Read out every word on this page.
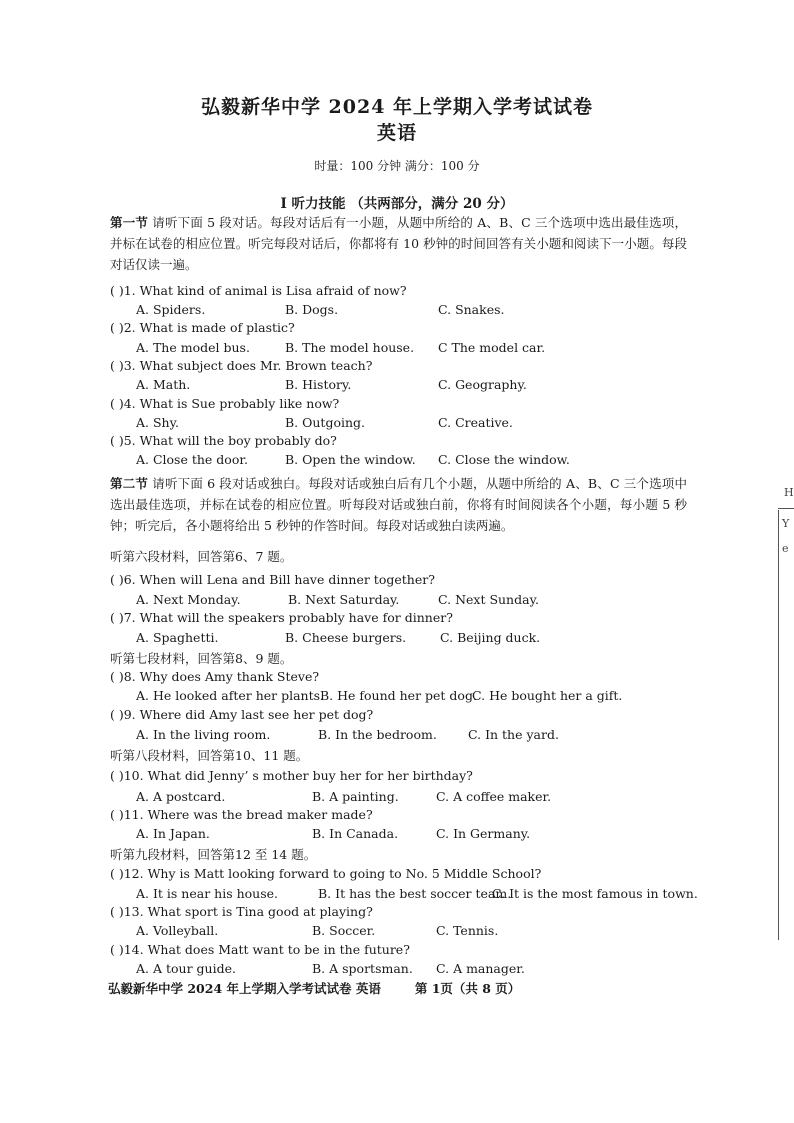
弘毅新华中学 2024 年上学期入学考试试卷
英语
时量：100 分钟 满分：100 分
I 听力技能 （共两部分，满分 20 分）
第一节 请听下面 5 段对话。每段对话后有一小题，从题中所给的 A、B、C 三个选项中选出最佳选项，并标在试卷的相应位置。听完每段对话后，你都将有 10 秒钟的时间回答有关小题和阅读下一小题。每段对话仅读一遍。
( )1. What kind of animal is Lisa afraid of now?
A. Spiders.	B. Dogs.	C. Snakes.
( )2. What is made of plastic?
A. The model bus.	B. The model house. C The model car.
( )3. What subject does Mr. Brown teach?
A. Math.	B. History.	C. Geography.
( )4. What is Sue probably like now?
A. Shy.	B. Outgoing.	C. Creative.
( )5. What will the boy probably do?
A. Close the door.	B. Open the window. C. Close the window.
第二节 请听下面 6 段对话或独白。每段对话或独白后有几个小题，从题中所给的 A、B、C 三个选项中选出最佳选项，并标在试卷的相应位置。听每段对话或独白前，你将有时间阅读各个小题，每小题 5 秒钟；听完后，各小题将给出 5 秒钟的作答时间。每段对话或独白读两遍。
听第六段材料，回答第6、7 题。
( )6. When will Lena and Bill have dinner together?
A. Next Monday.	B. Next Saturday.	C. Next Sunday.
( )7. What will the speakers probably have for dinner?
A. Spaghetti.	B. Cheese burgers.	C. Beijing duck.
听第七段材料，回答第8、9 题。
( )8. Why does Amy thank Steve?
A. He looked after her plants.
B. He found her pet dog.
C. He bought her a gift.
( )9. Where did Amy last see her pet dog?
A. In the living room.	B. In the bedroom. C. In the yard.
听第八段材料，回答第10、11 题。
( )10. What did Jenny’ s mother buy her for her birthday?
A. A postcard.	B. A painting.	C. A coffee maker.
( )11. Where was the bread maker made?
A. In Japan.	B. In Canada.	C. In Germany.
听第九段材料，回答第12 至 14 题。
( )12. Why is Matt looking forward to going to No. 5 Middle School?
A. It is near his house.	B. It has the best soccer team.
C. It is the most famous in town.
( )13. What sport is Tina good at playing?
A. Volleyball.	B. Soccer.	C. Tennis.
( )14. What does Matt want to be in the future?
A. A tour guide.	B. A sportsman. C. A manager.
弘毅新华中学 2024 年上学期入学考试试卷 英语	第 1页（共 8 页）
H
Y
e
